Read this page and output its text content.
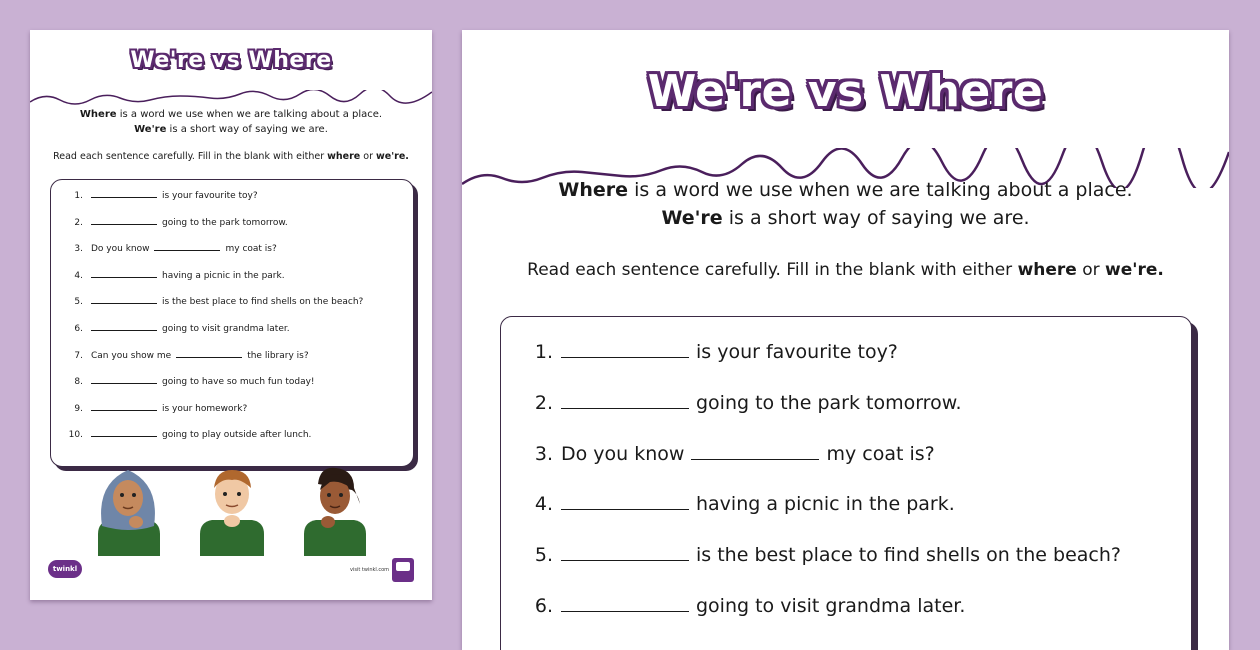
We're vs Where

Where is a word we use when we are talking about a place.
We're is a short way of saying we are.

Read each sentence carefully. Fill in the blank with either where or we're.

1.	is your favourite toy?
2.	going to the park tomorrow.
3. Do you know	my coat is?
4.	having a picnic in the park.
5.	is the best place to find shells on the beach?
6.	going to visit grandma later.
7. Can you show me	the library is?
8.	going to have so much fun today!
9.	is your homework?
10.	going to play outside after lunch.
twinkl	visit twinkl.com
We're vs Where

Where is a word we use when we are talking about a place.
We're is a short way of saying we are.

Read each sentence carefully. Fill in the blank with either where or we're.

1.	is your favourite toy?
2.	going to the park tomorrow.
3. Do you know	my coat is?
4.	having a picnic in the park.
5.	is the best place to find shells on the beach?
6.	going to visit grandma later.
